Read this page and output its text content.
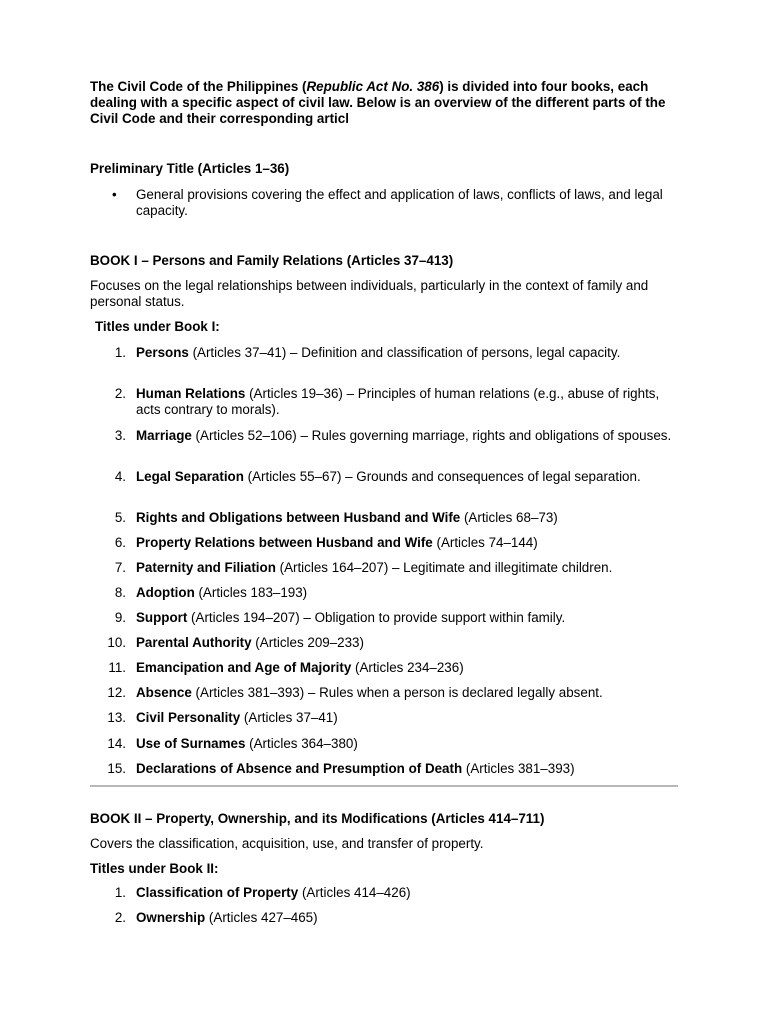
The Civil Code of the Philippines (Republic Act No. 386) is divided into four books, each dealing with a specific aspect of civil law. Below is an overview of the different parts of the Civil Code and their corresponding articl

Preliminary Title (Articles 1–36)

• General provisions covering the effect and application of laws, conflicts of laws, and legal capacity.

BOOK I – Persons and Family Relations (Articles 37–413)

Focuses on the legal relationships between individuals, particularly in the context of family and personal status.

Titles under Book I:

1. Persons (Articles 37–41) – Definition and classification of persons, legal capacity.

2. Human Relations (Articles 19–36) – Principles of human relations (e.g., abuse of rights, acts contrary to morals).

3. Marriage (Articles 52–106) – Rules governing marriage, rights and obligations of spouses.

4. Legal Separation (Articles 55–67) – Grounds and consequences of legal separation.

5. Rights and Obligations between Husband and Wife (Articles 68–73)

6. Property Relations between Husband and Wife (Articles 74–144)

7. Paternity and Filiation (Articles 164–207) – Legitimate and illegitimate children.

8. Adoption (Articles 183–193)

9. Support (Articles 194–207) – Obligation to provide support within family.

10. Parental Authority (Articles 209–233)

11. Emancipation and Age of Majority (Articles 234–236)

12. Absence (Articles 381–393) – Rules when a person is declared legally absent.

13. Civil Personality (Articles 37–41)

14. Use of Surnames (Articles 364–380)

15. Declarations of Absence and Presumption of Death (Articles 381–393)

BOOK II – Property, Ownership, and its Modifications (Articles 414–711)

Covers the classification, acquisition, use, and transfer of property.

Titles under Book II:

1. Classification of Property (Articles 414–426)

2. Ownership (Articles 427–465)
